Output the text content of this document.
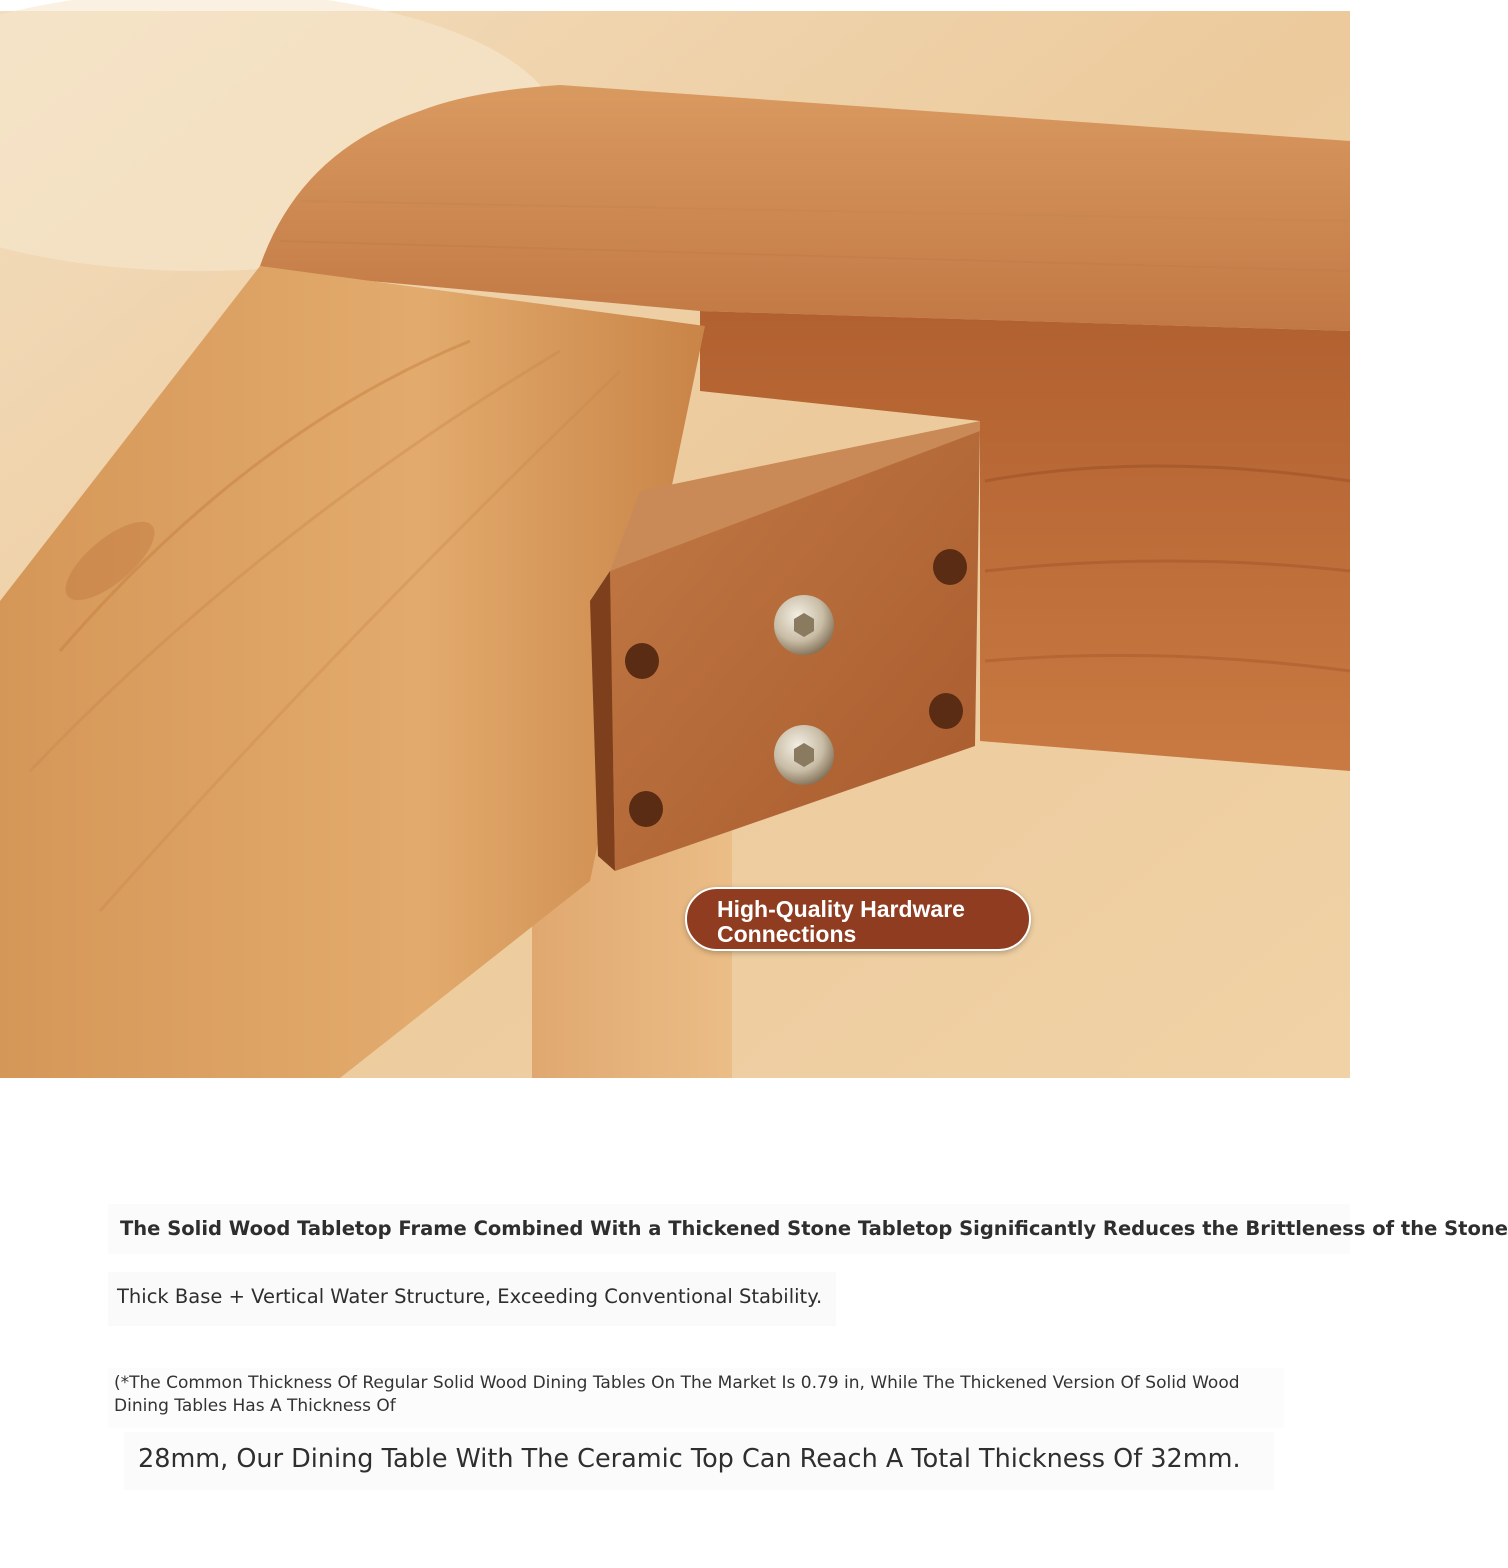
High-Quality Hardware Connections
The Solid Wood Tabletop Frame Combined With a Thickened Stone Tabletop Significantly Reduces the Brittleness of the Stone
Thick Base + Vertical Water Structure, Exceeding Conventional Stability.
(*The Common Thickness Of Regular Solid Wood Dining Tables On The Market Is 0.79 in, While The Thickened Version Of Solid Wood Dining Tables Has A Thickness Of
28mm, Our Dining Table With The Ceramic Top Can Reach A Total Thickness Of 32mm.
